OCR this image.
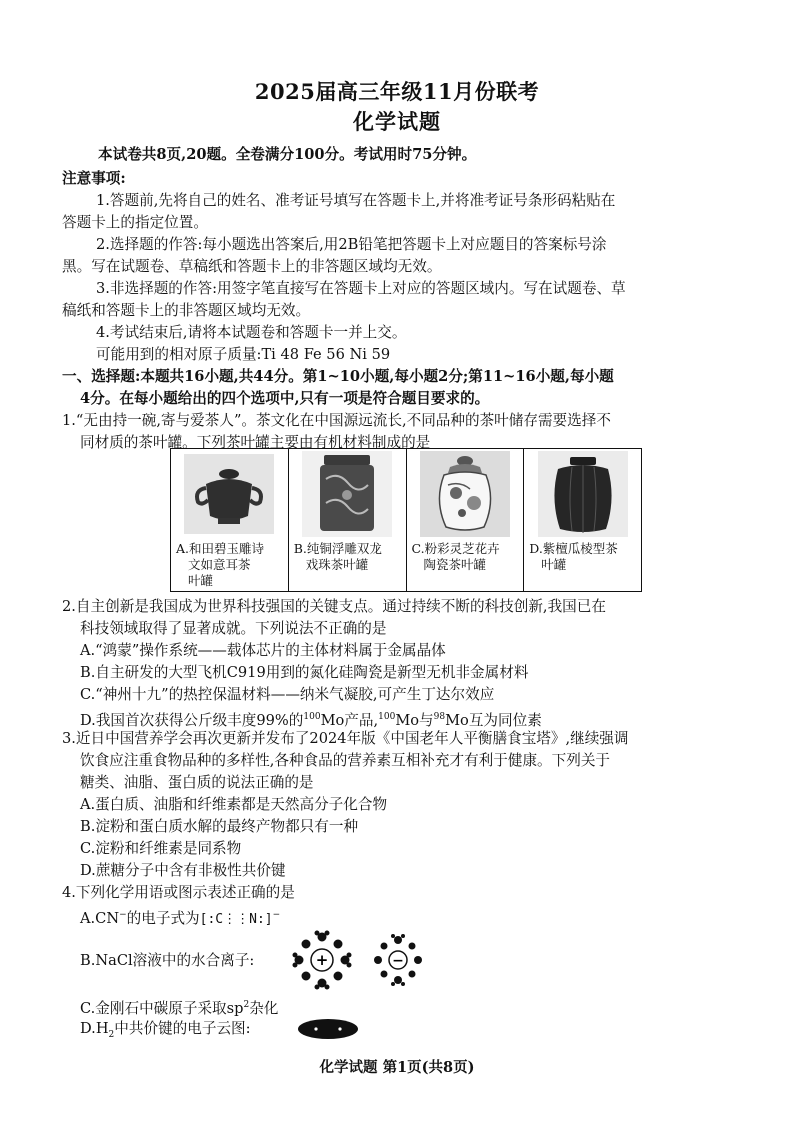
2025届高三年级11月份联考
化学试题
本试卷共8页,20题。全卷满分100分。考试用时75分钟。
注意事项:
1.答题前,先将自己的姓名、准考证号填写在答题卡上,并将准考证号条形码粘贴在
答题卡上的指定位置。
2.选择题的作答:每小题选出答案后,用2B铅笔把答题卡上对应题目的答案标号涂
黑。写在试题卷、草稿纸和答题卡上的非答题区域均无效。
3.非选择题的作答:用签字笔直接写在答题卡上对应的答题区域内。写在试题卷、草
稿纸和答题卡上的非答题区域均无效。
4.考试结束后,请将本试题卷和答题卡一并上交。
可能用到的相对原子质量:Ti 48 Fe 56 Ni 59
一、选择题:本题共16小题,共44分。第1~10小题,每小题2分;第11~16小题,每小题
4分。在每小题给出的四个选项中,只有一项是符合题目要求的。
1.“无由持一碗,寄与爱茶人”。茶文化在中国源远流长,不同品种的茶叶储存需要选择不
同材质的茶叶罐。下列茶叶罐主要由有机材料制成的是
A.和田碧玉雕诗
文如意耳茶
叶罐

B.纯铜浮雕双龙
戏珠茶叶罐

C.粉彩灵芝花卉
陶瓷茶叶罐

D.紫檀瓜棱型茶
叶罐
2.自主创新是我国成为世界科技强国的关键支点。通过持续不断的科技创新,我国已在
科技领域取得了显著成就。下列说法不正确的是
A.“鸿蒙”操作系统——载体芯片的主体材料属于金属晶体
B.自主研发的大型飞机C919用到的氮化硅陶瓷是新型无机非金属材料
C.“神州十九”的热控保温材料——纳米气凝胶,可产生丁达尔效应
D.我国首次获得公斤级丰度99%的$^{100}$Mo产品,$^{100}$Mo与$^{98}$Mo互为同位素
3.近日中国营养学会再次更新并发布了2024年版《中国老年人平衡膳食宝塔》,继续强调
饮食应注重食物品种的多样性,各种食品的营养素互相补充才有利于健康。下列关于
糖类、油脂、蛋白质的说法正确的是
A.蛋白质、油脂和纤维素都是天然高分子化合物
B.淀粉和蛋白质水解的最终产物都只有一种
C.淀粉和纤维素是同系物
D.蔗糖分子中含有非极性共价键
4.下列化学用语或图示表述正确的是
A.CN−的电子式为[:C⋮⋮N:]−
B.NaCl溶液中的水合离子:	+	−
C.金刚石中碳原子采取$sp^2$杂化
$D.H_2$中共价键的电子云图:
化学试题 第1页(共8页)
